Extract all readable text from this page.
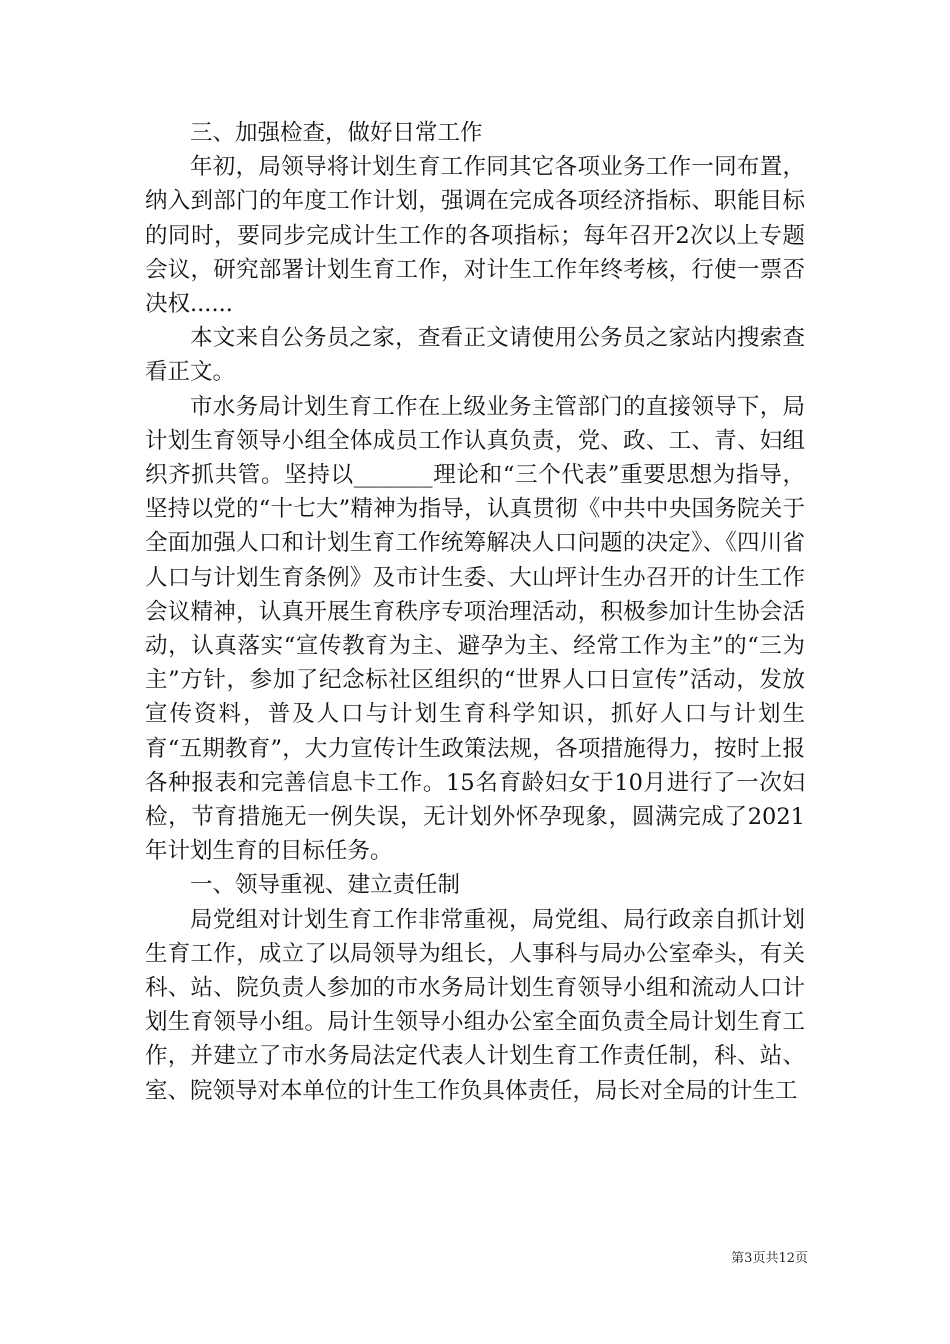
三、加强检查，做好日常工作

年初，局领导将计划生育工作同其它各项业务工作一同布置，纳入到部门的年度工作计划，强调在完成各项经济指标、职能目标的同时，要同步完成计生工作的各项指标；每年召开2次以上专题会议，研究部署计划生育工作，对计生工作年终考核，行使一票否决权......

本文来自公务员之家，查看正文请使用公务员之家站内搜索查看正文。

市水务局计划生育工作在上级业务主管部门的直接领导下，局计划生育领导小组全体成员工作认真负责，党、政、工、青、妇组织齐抓共管。坚持以_______理论和“三个代表”重要思想为指导，坚持以党的“十七大”精神为指导，认真贯彻《中共中央国务院关于全面加强人口和计划生育工作统筹解决人口问题的决定》、《四川省人口与计划生育条例》及市计生委、大山坪计生办召开的计生工作会议精神，认真开展生育秩序专项治理活动，积极参加计生协会活动，认真落实“宣传教育为主、避孕为主、经常工作为主”的“三为主”方针，参加了纪念标社区组织的“世界人口日宣传”活动，发放宣传资料，普及人口与计划生育科学知识，抓好人口与计划生育“五期教育”，大力宣传计生政策法规，各项措施得力，按时上报各种报表和完善信息卡工作。15名育龄妇女于10月进行了一次妇检，节育措施无一例失误，无计划外怀孕现象，圆满完成了2021年计划生育的目标任务。

一、领导重视、建立责任制

局党组对计划生育工作非常重视，局党组、局行政亲自抓计划生育工作，成立了以局领导为组长，人事科与局办公室牵头，有关科、站、院负责人参加的市水务局计划生育领导小组和流动人口计划生育领导小组。局计生领导小组办公室全面负责全局计划生育工作，并建立了市水务局法定代表人计划生育工作责任制，科、站、室、院领导对本单位的计生工作负具体责任，局长对全局的计生工

第3页共12页
